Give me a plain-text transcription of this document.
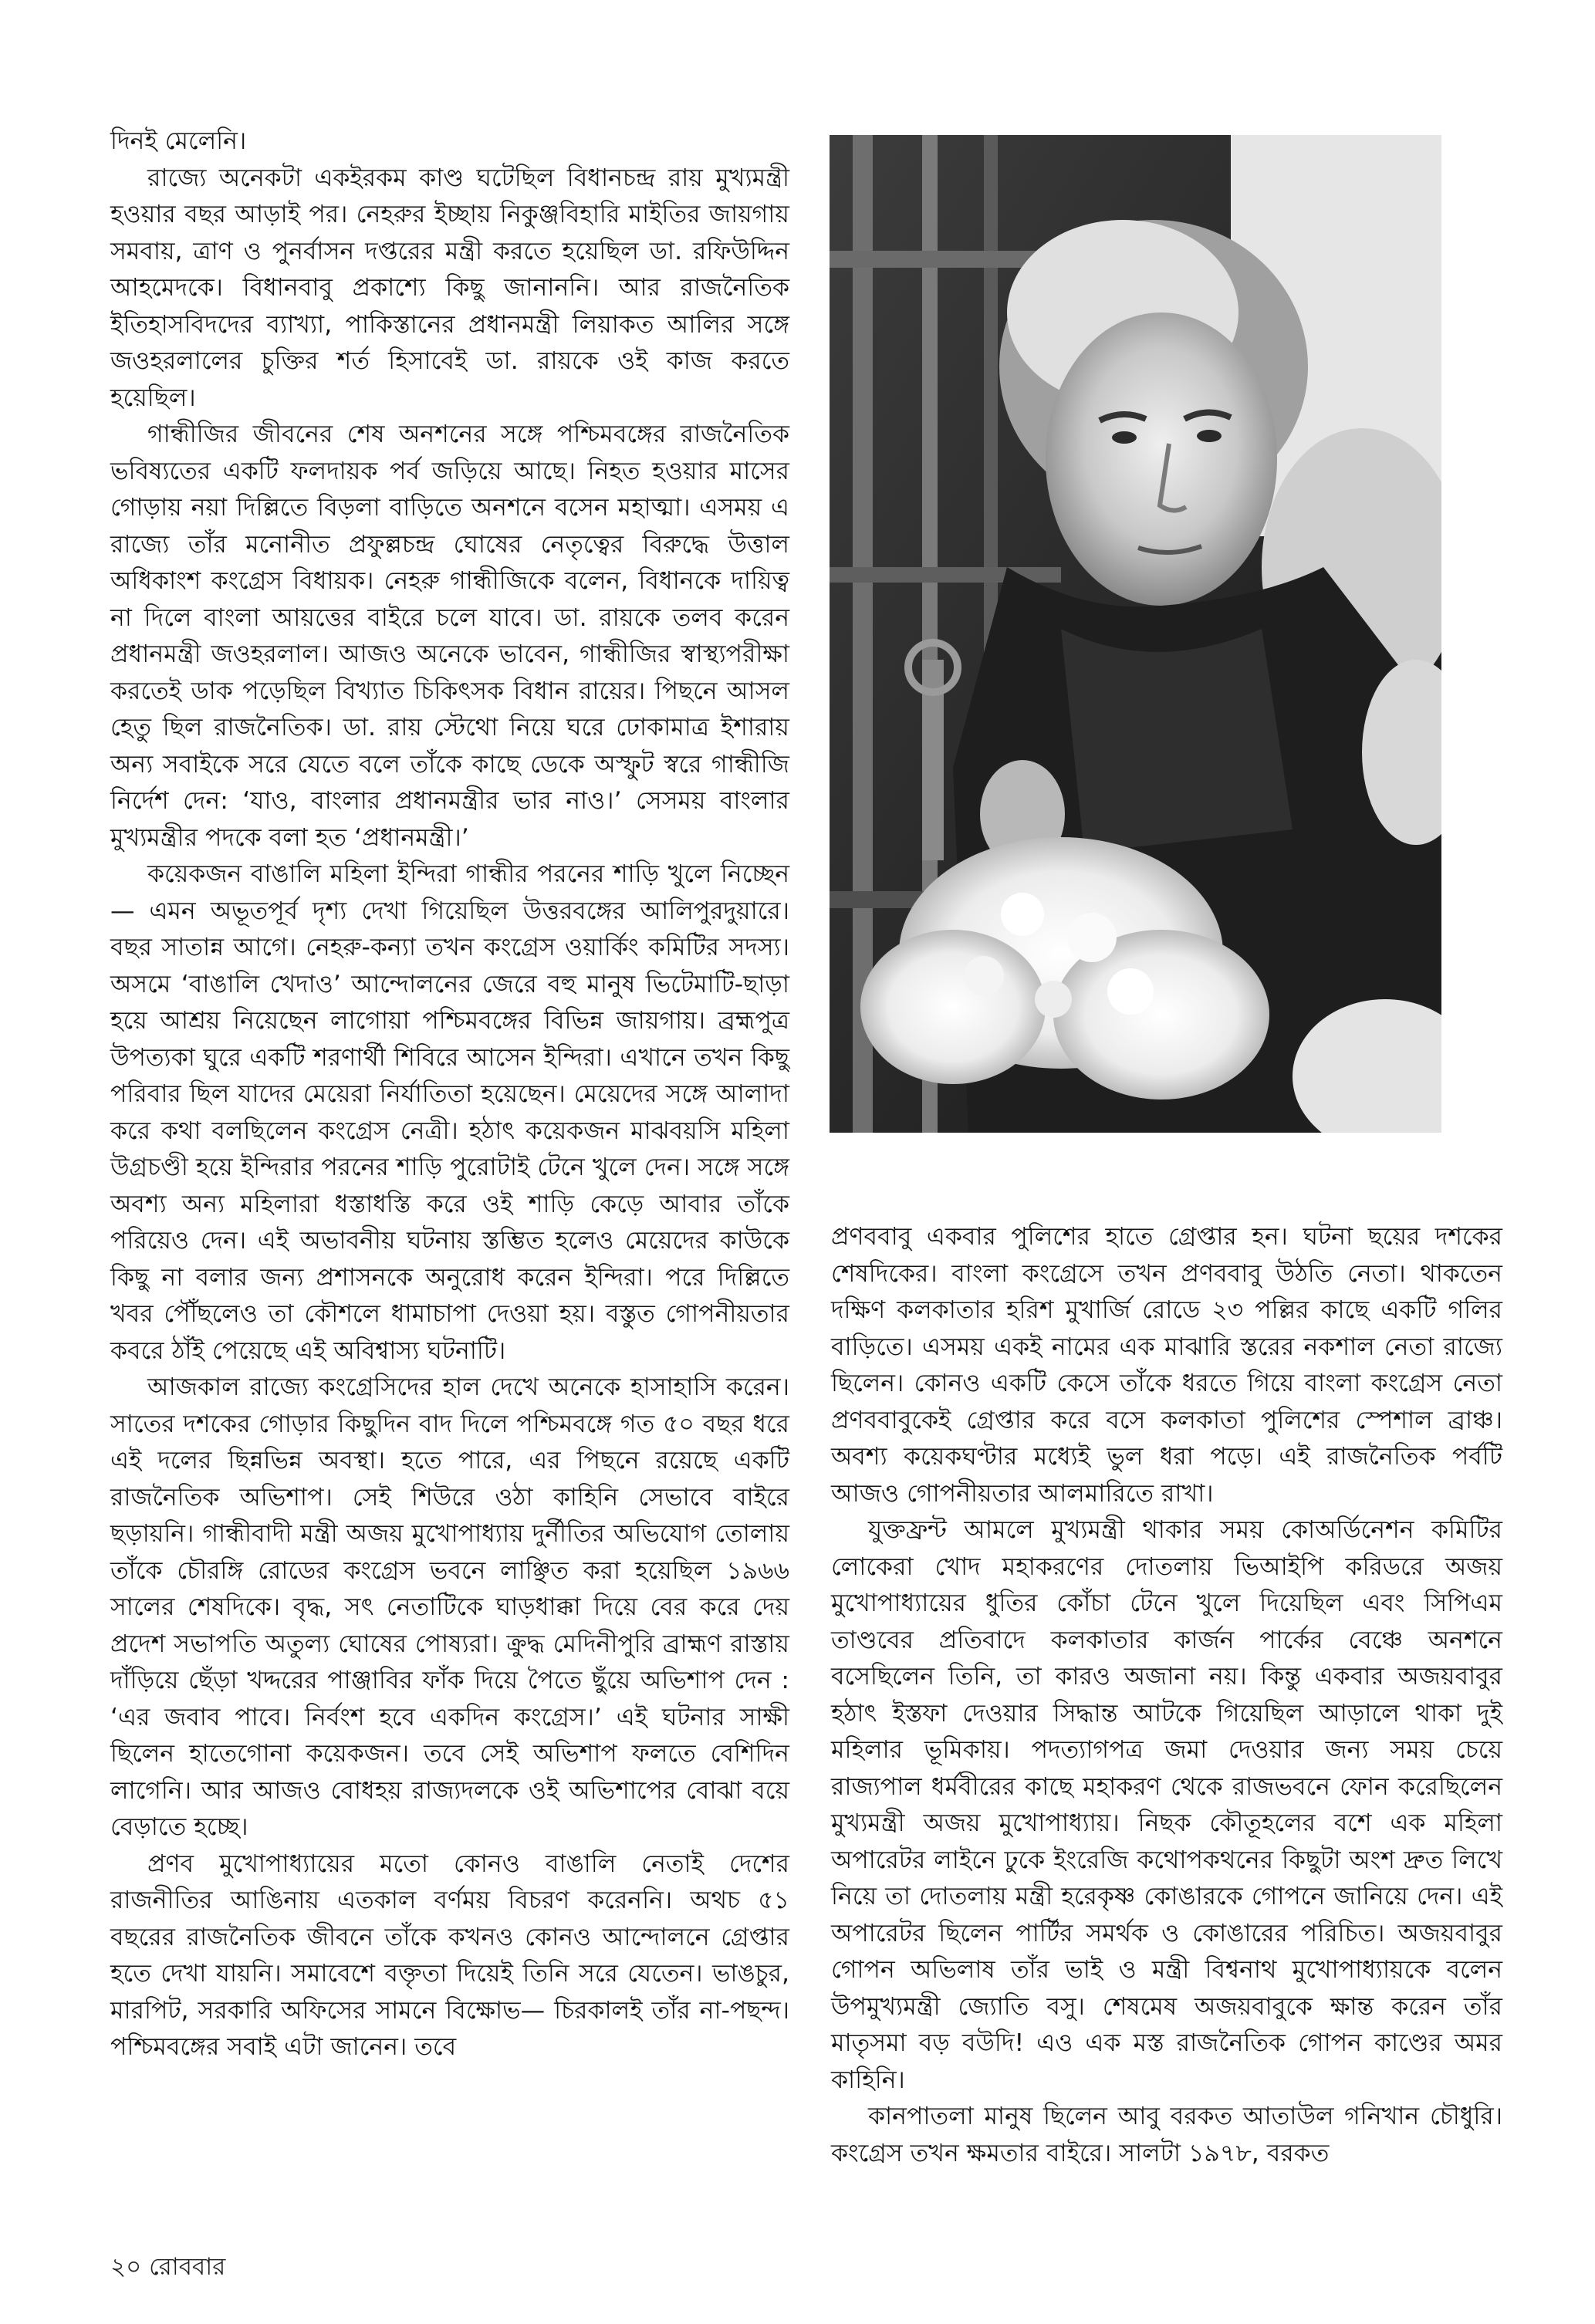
দিনই মেলেনি।

রাজ্যে অনেকটা একইরকম কাণ্ড ঘটেছিল বিধানচন্দ্র রায় মুখ্যমন্ত্রী হওয়ার বছর আড়াই পর। নেহরুর ইচ্ছায় নিকুঞ্জবিহারি মাইতির জায়গায় সমবায়, ত্রাণ ও পুনর্বাসন দপ্তরের মন্ত্রী করতে হয়েছিল ডা. রফিউদ্দিন আহমেদকে। বিধানবাবু প্রকাশ্যে কিছু জানাননি। আর রাজনৈতিক ইতিহাসবিদদের ব্যাখ্যা, পাকিস্তানের প্রধানমন্ত্রী লিয়াকত আলির সঙ্গে জওহরলালের চুক্তির শর্ত হিসাবেই ডা. রায়কে ওই কাজ করতে হয়েছিল।

গান্ধীজির জীবনের শেষ অনশনের সঙ্গে পশ্চিমবঙ্গের রাজনৈতিক ভবিষ্যতের একটি ফলদায়ক পর্ব জড়িয়ে আছে। নিহত হওয়ার মাসের গোড়ায় নয়া দিল্লিতে বিড়লা বাড়িতে অনশনে বসেন মহাত্মা। এসময় এ রাজ্যে তাঁর মনোনীত প্রফুল্লচন্দ্র ঘোষের নেতৃত্বের বিরুদ্ধে উত্তাল অধিকাংশ কংগ্রেস বিধায়ক। নেহরু গান্ধীজিকে বলেন, বিধানকে দায়িত্ব না দিলে বাংলা আয়ত্তের বাইরে চলে যাবে। ডা. রায়কে তলব করেন প্রধানমন্ত্রী জওহরলাল। আজও অনেকে ভাবেন, গান্ধীজির স্বাস্থ্যপরীক্ষা করতেই ডাক পড়েছিল বিখ্যাত চিকিৎসক বিধান রায়ের। পিছনে আসল হেতু ছিল রাজনৈতিক। ডা. রায় স্টেথো নিয়ে ঘরে ঢোকামাত্র ইশারায় অন্য সবাইকে সরে যেতে বলে তাঁকে কাছে ডেকে অস্ফুট স্বরে গান্ধীজি নির্দেশ দেন: ‘যাও, বাংলার প্রধানমন্ত্রীর ভার নাও।’ সেসময় বাংলার মুখ্যমন্ত্রীর পদকে বলা হত ‘প্রধানমন্ত্রী।’

কয়েকজন বাঙালি মহিলা ইন্দিরা গান্ধীর পরনের শাড়ি খুলে নিচ্ছেন— এমন অভূতপূর্ব দৃশ্য দেখা গিয়েছিল উত্তরবঙ্গের আলিপুরদুয়ারে। বছর সাতান্ন আগে। নেহরু-কন্যা তখন কংগ্রেস ওয়ার্কিং কমিটির সদস্য। অসমে ‘বাঙালি খেদাও’ আন্দোলনের জেরে বহু মানুষ ভিটেমাটি-ছাড়া হয়ে আশ্রয় নিয়েছেন লাগোয়া পশ্চিমবঙ্গের বিভিন্ন জায়গায়। ব্রহ্মপুত্র উপত্যকা ঘুরে একটি শরণার্থী শিবিরে আসেন ইন্দিরা। এখানে তখন কিছু পরিবার ছিল যাদের মেয়েরা নির্যাতিতা হয়েছেন। মেয়েদের সঙ্গে আলাদা করে কথা বলছিলেন কংগ্রেস নেত্রী। হঠাৎ কয়েকজন মাঝবয়সি মহিলা উগ্রচণ্ডী হয়ে ইন্দিরার পরনের শাড়ি পুরোটাই টেনে খুলে দেন। সঙ্গে সঙ্গে অবশ্য অন্য মহিলারা ধস্তাধস্তি করে ওই শাড়ি কেড়ে আবার তাঁকে পরিয়েও দেন। এই অভাবনীয় ঘটনায় স্তম্ভিত হলেও মেয়েদের কাউকে কিছু না বলার জন্য প্রশাসনকে অনুরোধ করেন ইন্দিরা। পরে দিল্লিতে খবর পৌঁছলেও তা কৌশলে ধামাচাপা দেওয়া হয়। বস্তুত গোপনীয়তার কবরে ঠাঁই পেয়েছে এই অবিশ্বাস্য ঘটনাটি।

আজকাল রাজ্যে কংগ্রেসিদের হাল দেখে অনেকে হাসাহাসি করেন। সাতের দশকের গোড়ার কিছুদিন বাদ দিলে পশ্চিমবঙ্গে গত ৫০ বছর ধরে এই দলের ছিন্নভিন্ন অবস্থা। হতে পারে, এর পিছনে রয়েছে একটি রাজনৈতিক অভিশাপ। সেই শিউরে ওঠা কাহিনি সেভাবে বাইরে ছড়ায়নি। গান্ধীবাদী মন্ত্রী অজয় মুখোপাধ্যায় দুর্নীতির অভিযোগ তোলায় তাঁকে চৌরঙ্গি রোডের কংগ্রেস ভবনে লাঞ্ছিত করা হয়েছিল ১৯৬৬ সালের শেষদিকে। বৃদ্ধ, সৎ নেতাটিকে ঘাড়ধাক্কা দিয়ে বের করে দেয় প্রদেশ সভাপতি অতুল্য ঘোষের পোষ্যরা। ক্রুদ্ধ মেদিনীপুরি ব্রাহ্মণ রাস্তায় দাঁড়িয়ে ছেঁড়া খদ্দরের পাঞ্জাবির ফাঁক দিয়ে পৈতে ছুঁয়ে অভিশাপ দেন : ‘এর জবাব পাবে। নির্বংশ হবে একদিন কংগ্রেস।’ এই ঘটনার সাক্ষী ছিলেন হাতেগোনা কয়েকজন। তবে সেই অভিশাপ ফলতে বেশিদিন লাগেনি। আর আজও বোধহয় রাজ্যদলকে ওই অভিশাপের বোঝা বয়ে বেড়াতে হচ্ছে।

প্রণব মুখোপাধ্যায়ের মতো কোনও বাঙালি নেতাই দেশের রাজনীতির আঙিনায় এতকাল বর্ণময় বিচরণ করেননি। অথচ ৫১ বছরের রাজনৈতিক জীবনে তাঁকে কখনও কোনও আন্দোলনে গ্রেপ্তার হতে দেখা যায়নি। সমাবেশে বক্তৃতা দিয়েই তিনি সরে যেতেন। ভাঙচুর, মারপিট, সরকারি অফিসের সামনে বিক্ষোভ— চিরকালই তাঁর না-পছন্দ। পশ্চিমবঙ্গের সবাই এটা জানেন। তবে

প্রণববাবু একবার পুলিশের হাতে গ্রেপ্তার হন। ঘটনা ছয়ের দশকের শেষদিকের। বাংলা কংগ্রেসে তখন প্রণববাবু উঠতি নেতা। থাকতেন দক্ষিণ কলকাতার হরিশ মুখার্জি রোডে ২৩ পল্লির কাছে একটি গলির বাড়িতে। এসময় একই নামের এক মাঝারি স্তরের নকশাল নেতা রাজ্যে ছিলেন। কোনও একটি কেসে তাঁকে ধরতে গিয়ে বাংলা কংগ্রেস নেতা প্রণববাবুকেই গ্রেপ্তার করে বসে কলকাতা পুলিশের স্পেশাল ব্রাঞ্চ। অবশ্য কয়েকঘণ্টার মধ্যেই ভুল ধরা পড়ে। এই রাজনৈতিক পর্বটি আজও গোপনীয়তার আলমারিতে রাখা।

যুক্তফ্রন্ট আমলে মুখ্যমন্ত্রী থাকার সময় কোঅর্ডিনেশন কমিটির লোকেরা খোদ মহাকরণের দোতলায় ভিআইপি করিডরে অজয় মুখোপাধ্যায়ের ধুতির কোঁচা টেনে খুলে দিয়েছিল এবং সিপিএম তাণ্ডবের প্রতিবাদে কলকাতার কার্জন পার্কের বেঞ্চে অনশনে বসেছিলেন তিনি, তা কারও অজানা নয়। কিন্তু একবার অজয়বাবুর হঠাৎ ইস্তফা দেওয়ার সিদ্ধান্ত আটকে গিয়েছিল আড়ালে থাকা দুই মহিলার ভূমিকায়। পদত্যাগপত্র জমা দেওয়ার জন্য সময় চেয়ে রাজ্যপাল ধর্মবীরের কাছে মহাকরণ থেকে রাজভবনে ফোন করেছিলেন মুখ্যমন্ত্রী অজয় মুখোপাধ্যায়। নিছক কৌতূহলের বশে এক মহিলা অপারেটর লাইনে ঢুকে ইংরেজি কথোপকথনের কিছুটা অংশ দ্রুত লিখে নিয়ে তা দোতলায় মন্ত্রী হরেকৃষ্ণ কোঙারকে গোপনে জানিয়ে দেন। এই অপারেটর ছিলেন পার্টির সমর্থক ও কোঙারের পরিচিত। অজয়বাবুর গোপন অভিলাষ তাঁর ভাই ও মন্ত্রী বিশ্বনাথ মুখোপাধ্যায়কে বলেন উপমুখ্যমন্ত্রী জ্যোতি বসু। শেষমেষ অজয়বাবুকে ক্ষান্ত করেন তাঁর মাতৃসমা বড় বউদি! এও এক মস্ত রাজনৈতিক গোপন কাণ্ডের অমর কাহিনি।

কানপাতলা মানুষ ছিলেন আবু বরকত আতাউল গনিখান চৌধুরি। কংগ্রেস তখন ক্ষমতার বাইরে। সালটা ১৯৭৮, বরকত

২০ রোববার
